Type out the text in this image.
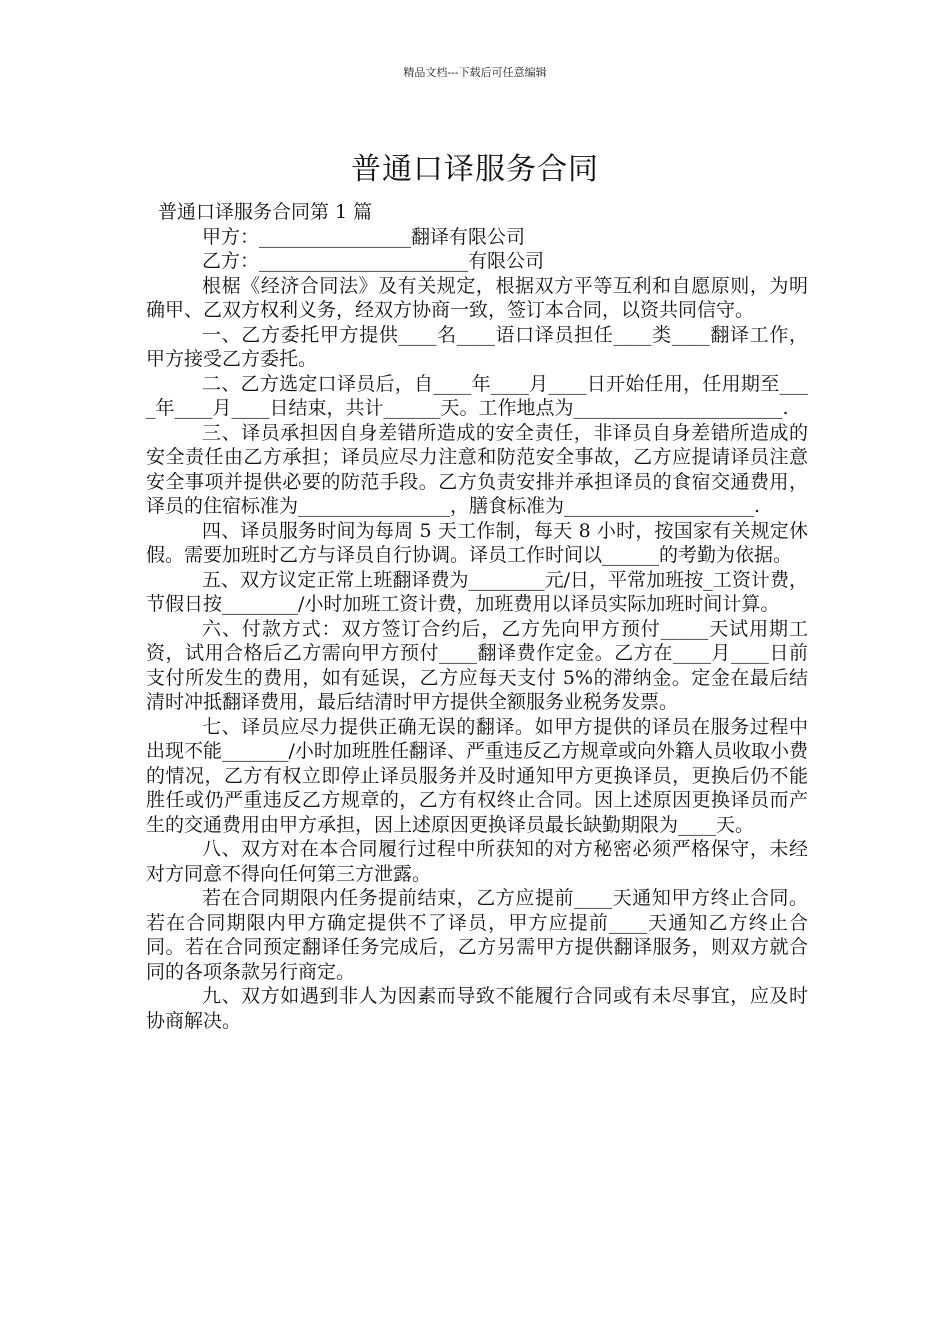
精品文档---下载后可任意编辑
普通口译服务合同

普通口译服务合同第 1 篇

甲方：________________翻译有限公司

乙方：______________________有限公司

根椐《经济合同法》及有关规定，根据双方平等互利和自愿原则，为明确甲、乙双方权利义务，经双方协商一致，签订本合同，以资共同信守。

一、乙方委托甲方提供____名____语口译员担任____类____翻译工作，甲方接受乙方委托。

二、乙方选定口译员后，自____年____月____日开始任用，任用期至____年____月____日结束，共计______天。工作地点为______________________.

三、译员承担因自身差错所造成的安全责任，非译员自身差错所造成的安全责任由乙方承担；译员应尽力注意和防范安全事故，乙方应提请译员注意安全事项并提供必要的防范手段。乙方负责安排并承担译员的食宿交通费用，译员的住宿标准为________________，膳食标准为____________________.

四、译员服务时间为每周 5 天工作制，每天 8 小时，按国家有关规定休假。需要加班时乙方与译员自行协调。译员工作时间以______的考勤为依据。

五、双方议定正常上班翻译费为________元/日，平常加班按_工资计费，节假日按________/小时加班工资计费，加班费用以译员实际加班时间计算。

六、付款方式：双方签订合约后，乙方先向甲方预付_____天试用期工资，试用合格后乙方需向甲方预付____翻译费作定金。乙方在____月____日前支付所发生的费用，如有延误，乙方应每天支付 5%的滞纳金。定金在最后结清时冲抵翻译费用，最后结清时甲方提供全额服务业税务发票。

七、译员应尽力提供正确无误的翻译。如甲方提供的译员在服务过程中出现不能_______/小时加班胜任翻译、严重违反乙方规章或向外籍人员收取小费的情况，乙方有权立即停止译员服务并及时通知甲方更换译员，更换后仍不能胜任或仍严重违反乙方规章的，乙方有权终止合同。因上述原因更换译员而产生的交通费用由甲方承担，因上述原因更换译员最长缺勤期限为____天。

八、双方对在本合同履行过程中所获知的对方秘密必须严格保守，未经对方同意不得向任何第三方泄露。

若在合同期限内任务提前结束，乙方应提前____天通知甲方终止合同。若在合同期限内甲方确定提供不了译员，甲方应提前____天通知乙方终止合同。若在合同预定翻译任务完成后，乙方另需甲方提供翻译服务，则双方就合同的各项条款另行商定。

九、双方如遇到非人为因素而导致不能履行合同或有未尽事宜，应及时协商解决。
